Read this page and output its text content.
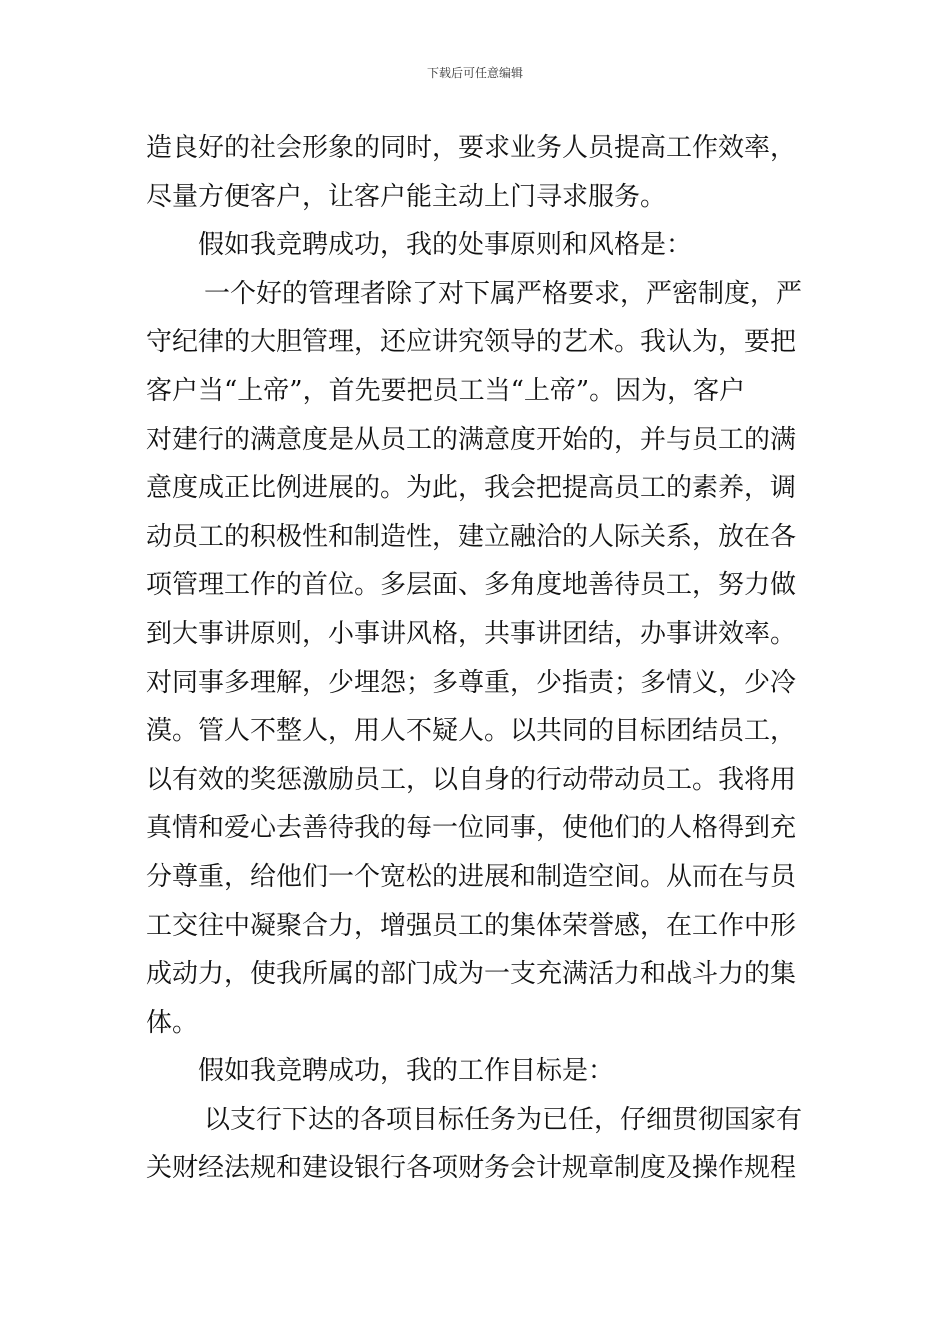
下载后可任意编辑
造良好的社会形象的同时，要求业务人员提高工作效率，
尽量方便客户，让客户能主动上门寻求服务。
假如我竞聘成功，我的处事原则和风格是：
一个好的管理者除了对下属严格要求，严密制度，严
守纪律的大胆管理，还应讲究领导的艺术。我认为，要把
客户当“上帝”，首先要把员工当“上帝”。因为，客户
对建行的满意度是从员工的满意度开始的，并与员工的满
意度成正比例进展的。为此，我会把提高员工的素养，调
动员工的积极性和制造性，建立融洽的人际关系，放在各
项管理工作的首位。多层面、多角度地善待员工，努力做
到大事讲原则，小事讲风格，共事讲团结，办事讲效率。
对同事多理解，少埋怨；多尊重，少指责；多情义，少冷
漠。管人不整人，用人不疑人。以共同的目标团结员工，
以有效的奖惩激励员工，以自身的行动带动员工。我将用
真情和爱心去善待我的每一位同事，使他们的人格得到充
分尊重，给他们一个宽松的进展和制造空间。从而在与员
工交往中凝聚合力，增强员工的集体荣誉感，在工作中形
成动力，使我所属的部门成为一支充满活力和战斗力的集
体。
假如我竞聘成功，我的工作目标是：
以支行下达的各项目标任务为已任，仔细贯彻国家有
关财经法规和建设银行各项财务会计规章制度及操作规程
